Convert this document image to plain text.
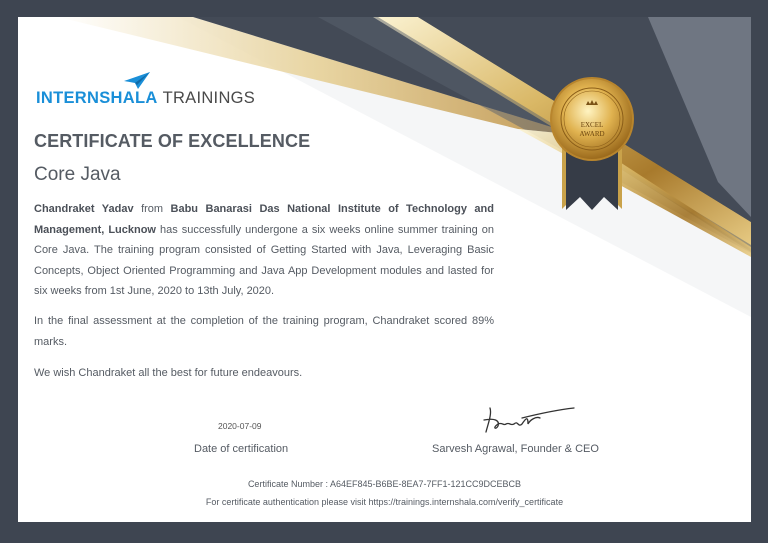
EXCEL
AWARD
INTERNSHALA TRAININGS
CERTIFICATE OF EXCELLENCE
Core Java
Chandraket Yadav from Babu Banarasi Das National Institute of Technology and Management, Lucknow has successfully undergone a six weeks online summer training on Core Java. The training program consisted of Getting Started with Java, Leveraging Basic Concepts, Object Oriented Programming and Java App Development modules and lasted for six weeks from 1st June, 2020 to 13th July, 2020.
In the final assessment at the completion of the training program, Chandraket scored 89% marks.
We wish Chandraket all the best for future endeavours.
2020-07-09
Date of certification	Sarvesh Agrawal, Founder & CEO
Certificate Number : A64EF845-B6BE-8EA7-7FF1-121CC9DCEBCB
For certificate authentication please visit https://trainings.internshala.com/verify_certificate
